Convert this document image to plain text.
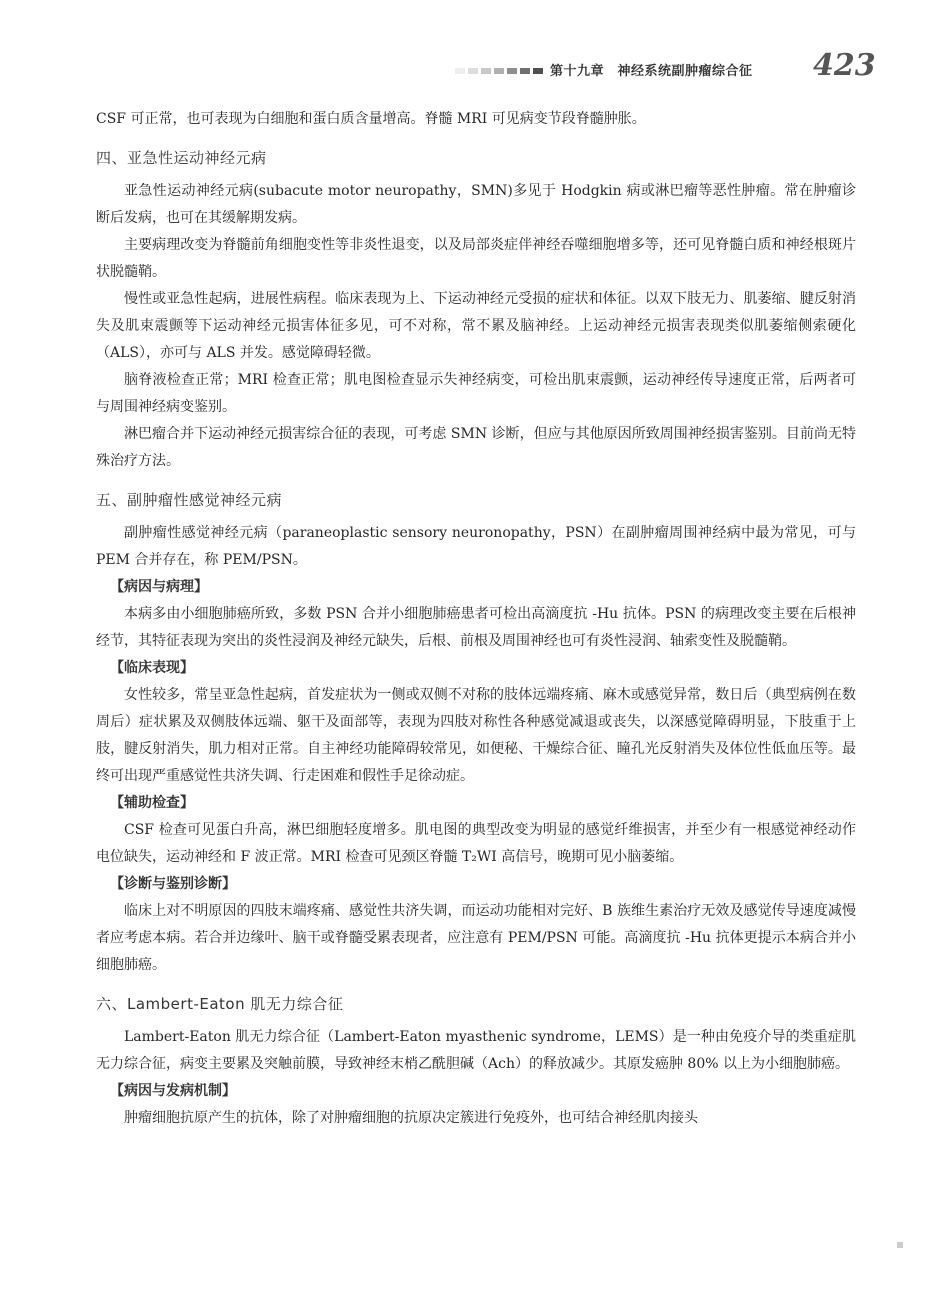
第十九章　神经系统副肿瘤综合征 423

CSF 可正常，也可表现为白细胞和蛋白质含量增高。脊髓 MRI 可见病变节段脊髓肿胀。

四、亚急性运动神经元病

亚急性运动神经元病(subacute motor neuropathy，SMN)多见于 Hodgkin 病或淋巴瘤等恶性肿瘤。常在肿瘤诊断后发病，也可在其缓解期发病。

主要病理改变为脊髓前角细胞变性等非炎性退变，以及局部炎症伴神经吞噬细胞增多等，还可见脊髓白质和神经根斑片状脱髓鞘。

慢性或亚急性起病，进展性病程。临床表现为上、下运动神经元受损的症状和体征。以双下肢无力、肌萎缩、腱反射消失及肌束震颤等下运动神经元损害体征多见，可不对称，常不累及脑神经。上运动神经元损害表现类似肌萎缩侧索硬化（ALS），亦可与 ALS 并发。感觉障碍轻微。

脑脊液检查正常；MRI 检查正常；肌电图检查显示失神经病变，可检出肌束震颤，运动神经传导速度正常，后两者可与周围神经病变鉴别。

淋巴瘤合并下运动神经元损害综合征的表现，可考虑 SMN 诊断，但应与其他原因所致周围神经损害鉴别。目前尚无特殊治疗方法。

五、副肿瘤性感觉神经元病

副肿瘤性感觉神经元病（paraneoplastic sensory neuronopathy，PSN）在副肿瘤周围神经病中最为常见，可与 PEM 合并存在，称 PEM/PSN。

【病因与病理】

本病多由小细胞肺癌所致，多数 PSN 合并小细胞肺癌患者可检出高滴度抗 -Hu 抗体。PSN 的病理改变主要在后根神经节，其特征表现为突出的炎性浸润及神经元缺失，后根、前根及周围神经也可有炎性浸润、轴索变性及脱髓鞘。

【临床表现】

女性较多，常呈亚急性起病，首发症状为一侧或双侧不对称的肢体远端疼痛、麻木或感觉异常，数日后（典型病例在数周后）症状累及双侧肢体远端、躯干及面部等，表现为四肢对称性各种感觉减退或丧失，以深感觉障碍明显，下肢重于上肢，腱反射消失，肌力相对正常。自主神经功能障碍较常见，如便秘、干燥综合征、瞳孔光反射消失及体位性低血压等。最终可出现严重感觉性共济失调、行走困难和假性手足徐动症。

【辅助检查】

CSF 检查可见蛋白升高，淋巴细胞轻度增多。肌电图的典型改变为明显的感觉纤维损害，并至少有一根感觉神经动作电位缺失，运动神经和 F 波正常。MRI 检查可见颈区脊髓 T₂WI 高信号，晚期可见小脑萎缩。

【诊断与鉴别诊断】

临床上对不明原因的四肢末端疼痛、感觉性共济失调，而运动功能相对完好、B 族维生素治疗无效及感觉传导速度减慢者应考虑本病。若合并边缘叶、脑干或脊髓受累表现者，应注意有 PEM/PSN 可能。高滴度抗 -Hu 抗体更提示本病合并小细胞肺癌。

六、Lambert-Eaton 肌无力综合征

Lambert-Eaton 肌无力综合征（Lambert-Eaton myasthenic syndrome，LEMS）是一种由免疫介导的类重症肌无力综合征，病变主要累及突触前膜，导致神经末梢乙酰胆碱（Ach）的释放减少。其原发癌肿 80% 以上为小细胞肺癌。

【病因与发病机制】

肿瘤细胞抗原产生的抗体，除了对肿瘤细胞的抗原决定簇进行免疫外，也可结合神经肌肉接头
